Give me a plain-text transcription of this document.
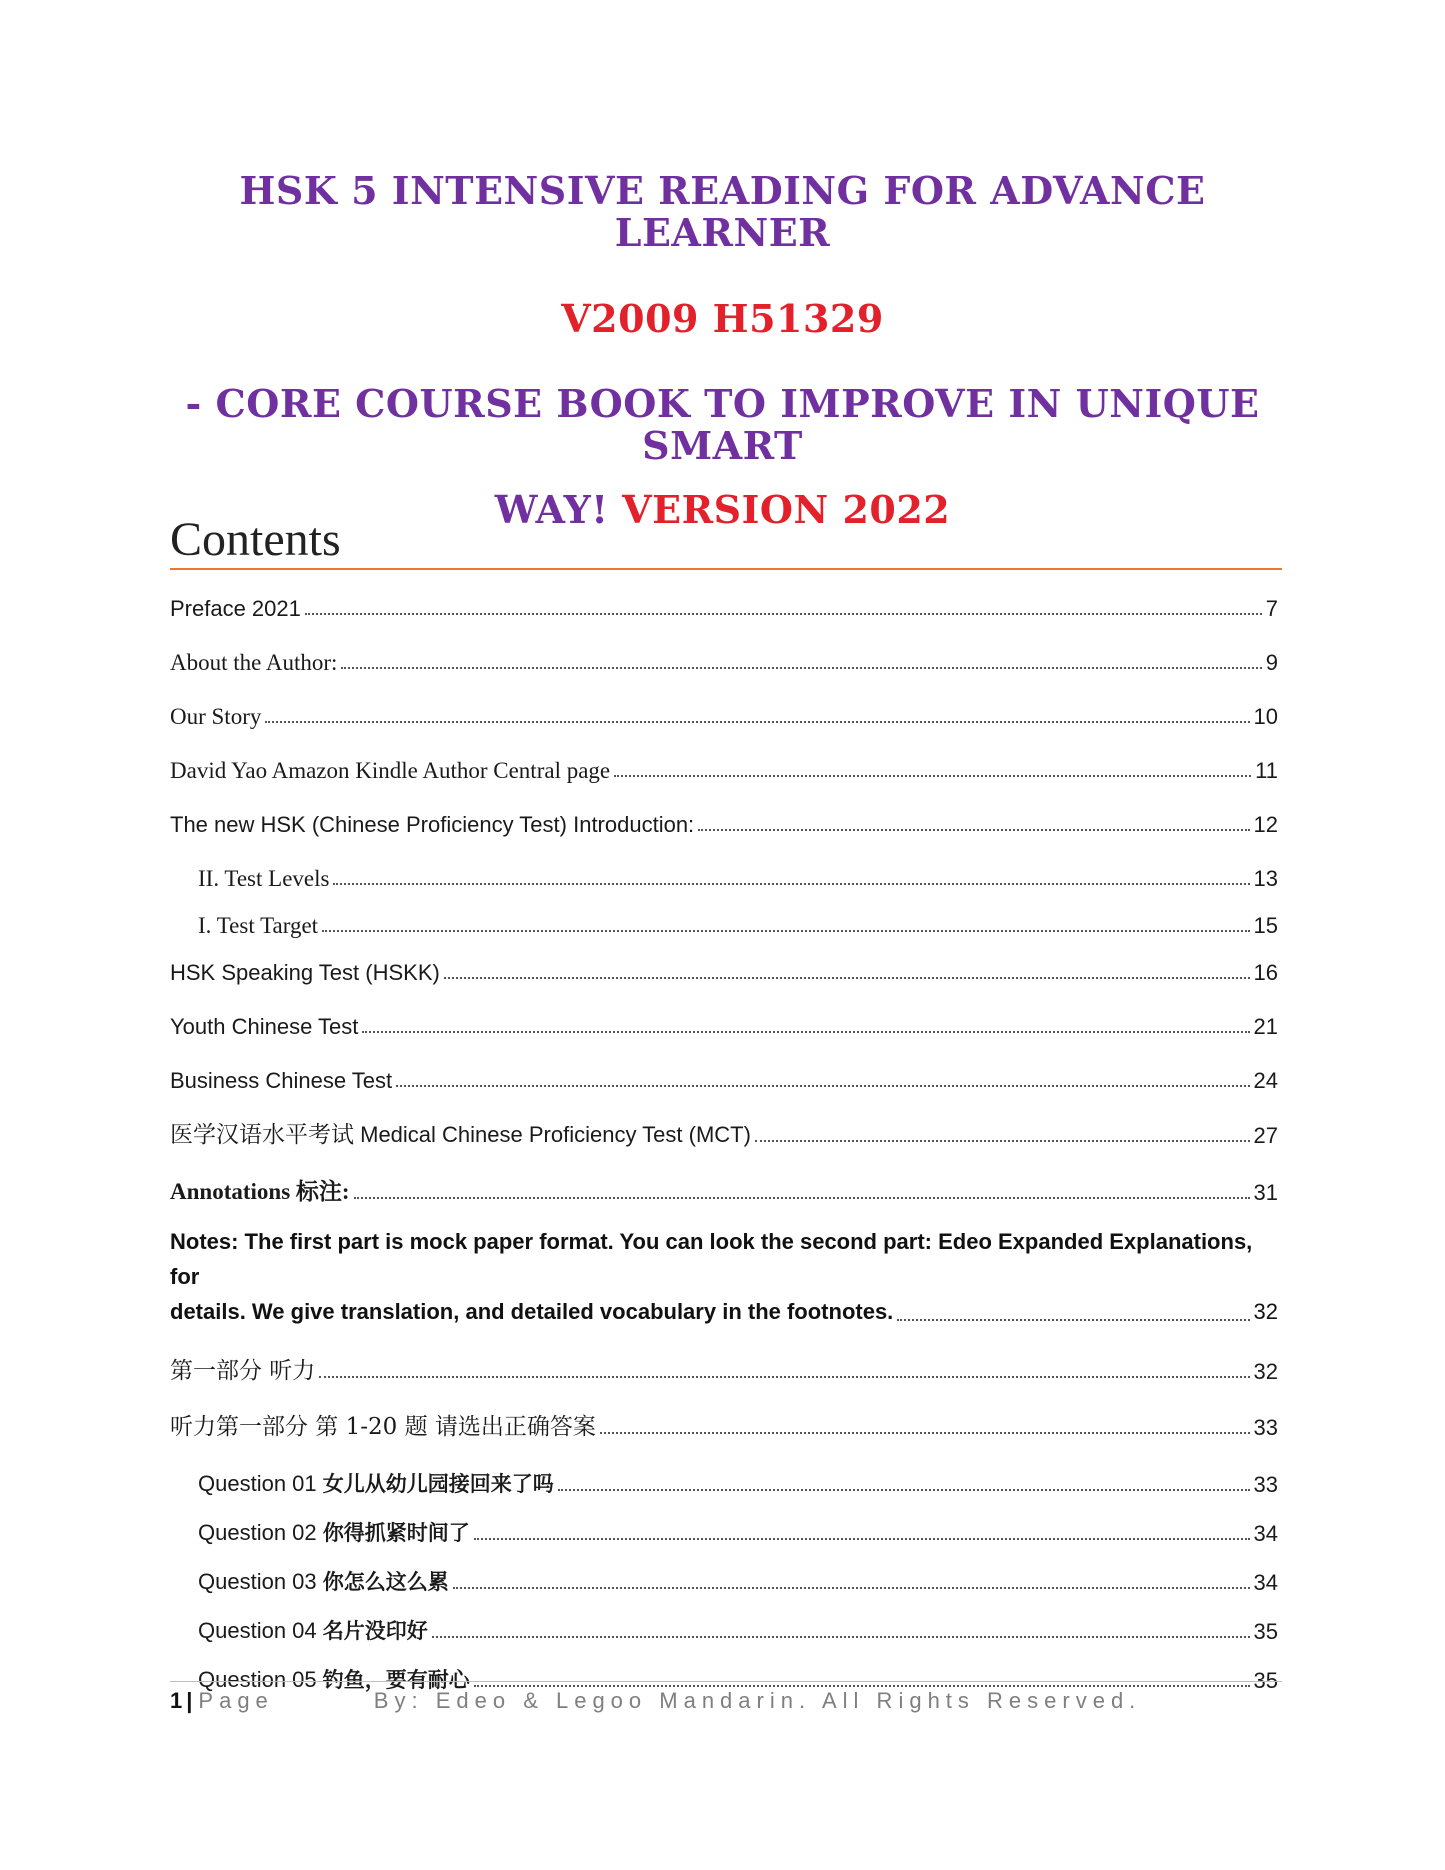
HSK 5 INTENSIVE READING FOR ADVANCE LEARNER
V2009 H51329
- CORE COURSE BOOK TO IMPROVE IN UNIQUE SMART
WAY! VERSION 2022
Contents
Preface 2021	7
About the Author:	9
Our Story	10
David Yao Amazon Kindle Author Central page	11
The new HSK (Chinese Proficiency Test) Introduction:	12
II. Test Levels	13
I. Test Target	15
HSK Speaking Test (HSKK)	16
Youth Chinese Test	21
Business Chinese Test	24
医学汉语水平考试 Medical Chinese Proficiency Test (MCT)	27
Annotations 标注:	31
Notes: The first part is mock paper format. You can look the second part: Edeo Expanded Explanations, for
details. We give translation, and detailed vocabulary in the footnotes.	32
第一部分 听力	32
听力第一部分 第 1-20 题 请选出正确答案	33
Question 01 女儿从幼儿园接回来了吗	33
Question 02 你得抓紧时间了	34
Question 03 你怎么这么累	34
Question 04 名片没印好	35
Question 05 钓鱼，要有耐心	35
1 | Page	By: Edeo & Legoo Mandarin. All Rights Reserved.
